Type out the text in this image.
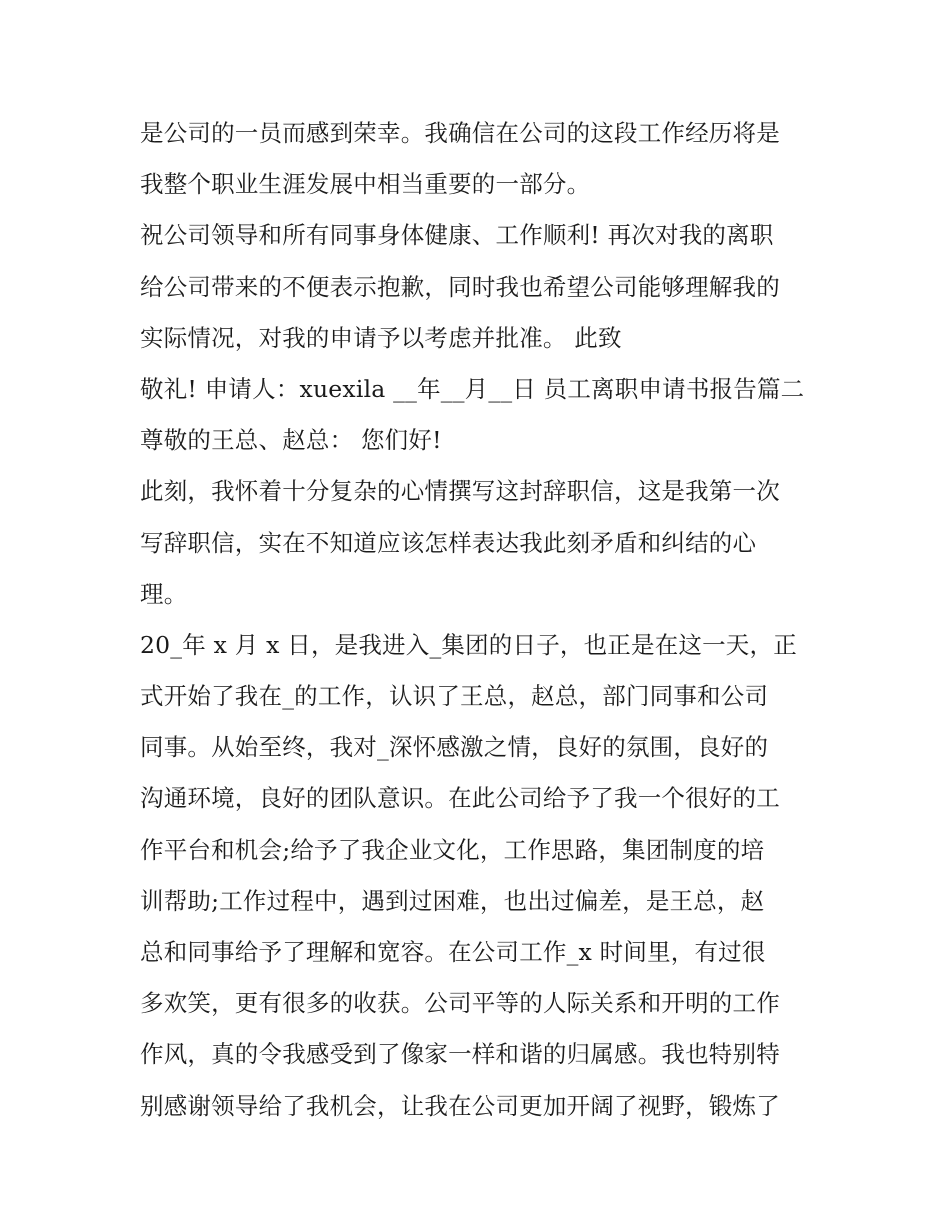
是公司的一员而感到荣幸。我确信在公司的这段工作经历将是
我整个职业生涯发展中相当重要的一部分。
祝公司领导和所有同事身体健康、工作顺利! 再次对我的离职
给公司带来的不便表示抱歉，同时我也希望公司能够理解我的
实际情况，对我的申请予以考虑并批准。 此致
敬礼! 申请人：xuexila __年__月__日 员工离职申请书报告篇二
尊敬的王总、赵总： 您们好!
此刻，我怀着十分复杂的心情撰写这封辞职信，这是我第一次
写辞职信，实在不知道应该怎样表达我此刻矛盾和纠结的心
理。
20_年 x 月 x 日，是我进入_集团的日子，也正是在这一天，正
式开始了我在_的工作，认识了王总，赵总，部门同事和公司
同事。从始至终，我对_深怀感激之情，良好的氛围，良好的
沟通环境，良好的团队意识。在此公司给予了我一个很好的工
作平台和机会;给予了我企业文化，工作思路，集团制度的培
训帮助;工作过程中，遇到过困难，也出过偏差，是王总，赵
总和同事给予了理解和宽容。在公司工作_x 时间里，有过很
多欢笑，更有很多的收获。公司平等的人际关系和开明的工作
作风，真的令我感受到了像家一样和谐的归属感。我也特别特
别感谢领导给了我机会，让我在公司更加开阔了视野，锻炼了
